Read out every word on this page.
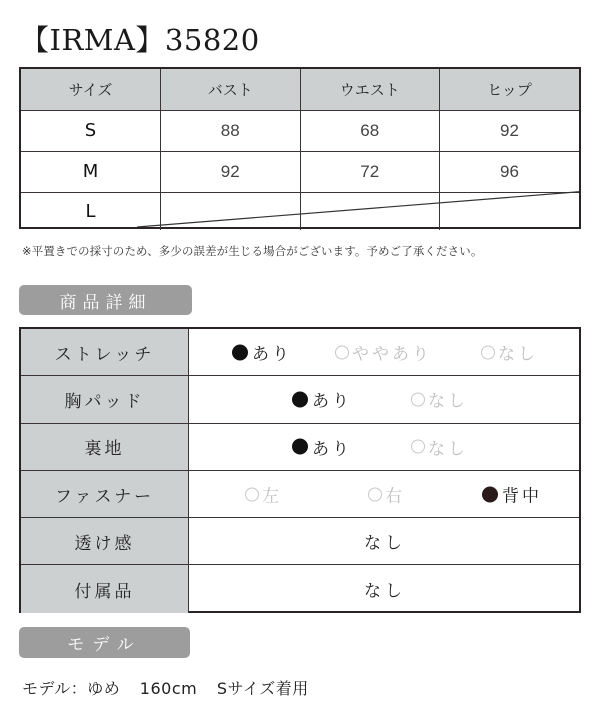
【IRMA】35820
サイズ	バスト	ウエスト	ヒップ
S	88	68	92
M	92	72	96
L			
※平置きでの採寸のため、多少の誤差が生じる場合がございます。予めご了承ください。
商品詳細
ストレッチ	あり	ややあり	なし
胸パッド	あり	なし
裏地	あり	なし
ファスナー	左	右	背中
透け感	なし
付属品	なし
モデル
モデル：ゆめ 160cm Sサイズ着用
